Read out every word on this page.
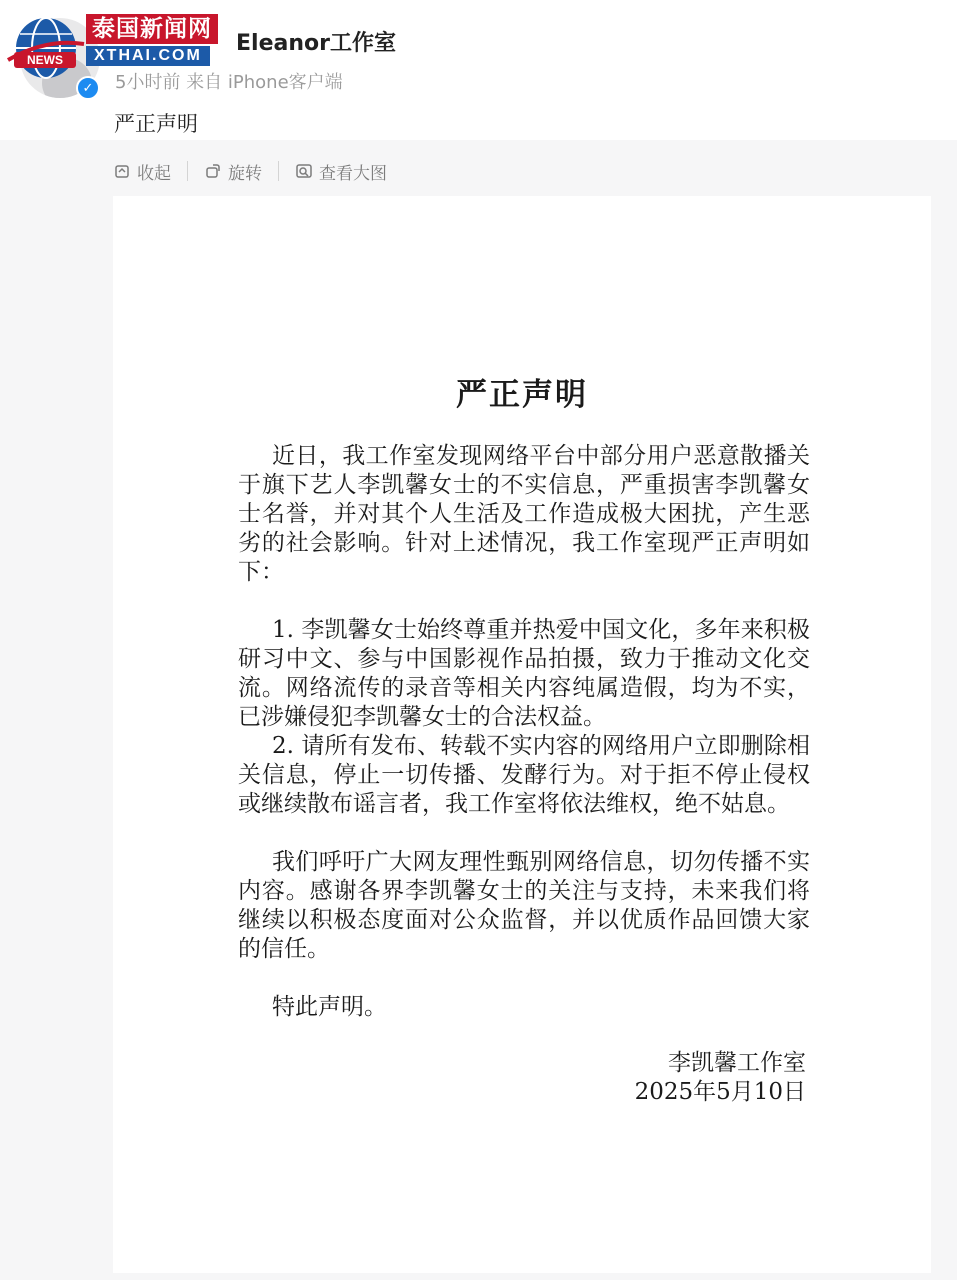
NEWS
✓
泰国新闻网
XTHAI.COM	Eleanor工作室
5小时前 来自 iPhone客户端
严正声明
收起	旋转	查看大图
严正声明

近日，我工作室发现网络平台中部分用户恶意散播关于旗下艺人李凯馨女士的不实信息，严重损害李凯馨女士名誉，并对其个人生活及工作造成极大困扰，产生恶劣的社会影响。针对上述情况，我工作室现严正声明如下：

1. 李凯馨女士始终尊重并热爱中国文化，多年来积极研习中文、参与中国影视作品拍摄，致力于推动文化交流。网络流传的录音等相关内容纯属造假，均为不实，已涉嫌侵犯李凯馨女士的合法权益。

2. 请所有发布、转载不实内容的网络用户立即删除相关信息，停止一切传播、发酵行为。对于拒不停止侵权或继续散布谣言者，我工作室将依法维权，绝不姑息。

我们呼吁广大网友理性甄别网络信息，切勿传播不实内容。感谢各界李凯馨女士的关注与支持，未来我们将继续以积极态度面对公众监督，并以优质作品回馈大家的信任。

特此声明。

李凯馨工作室
2025年5月10日
